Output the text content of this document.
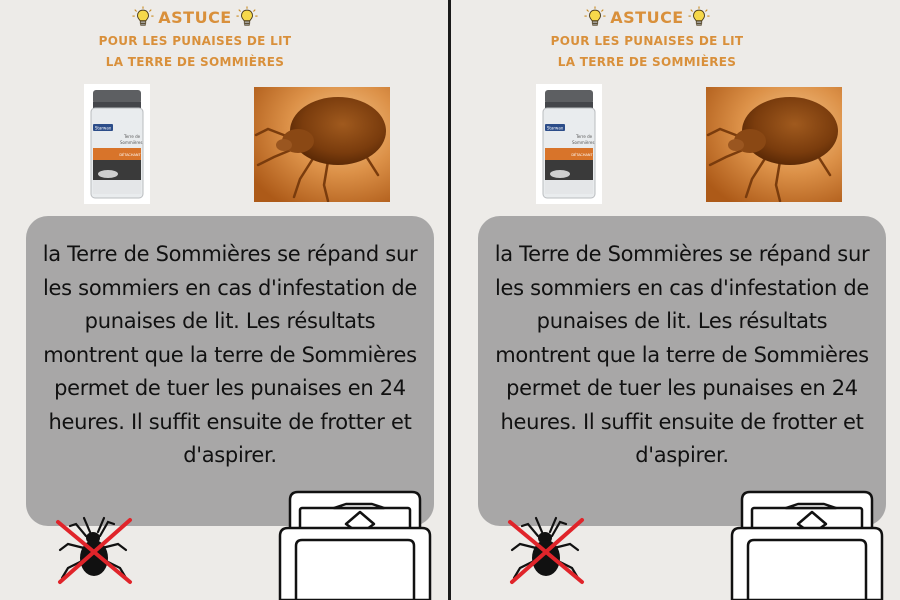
ASTUCE
POUR LES PUNAISES DE LIT
LA TERRE DE SOMMIÈRES
Starwax
Terre de
Sommières
DÉTACHANT

la Terre de Sommières se répand sur les sommiers en cas d'infestation de punaises de lit. Les résultats montrent que la terre de Sommières permet de tuer les punaises en 24 heures. Il suffit ensuite de frotter et d'aspirer.

ASTUCE
POUR LES PUNAISES DE LIT
LA TERRE DE SOMMIÈRES
Starwax
Terre de
Sommières
DÉTACHANT

la Terre de Sommières se répand sur les sommiers en cas d'infestation de punaises de lit. Les résultats montrent que la terre de Sommières permet de tuer les punaises en 24 heures. Il suffit ensuite de frotter et d'aspirer.
